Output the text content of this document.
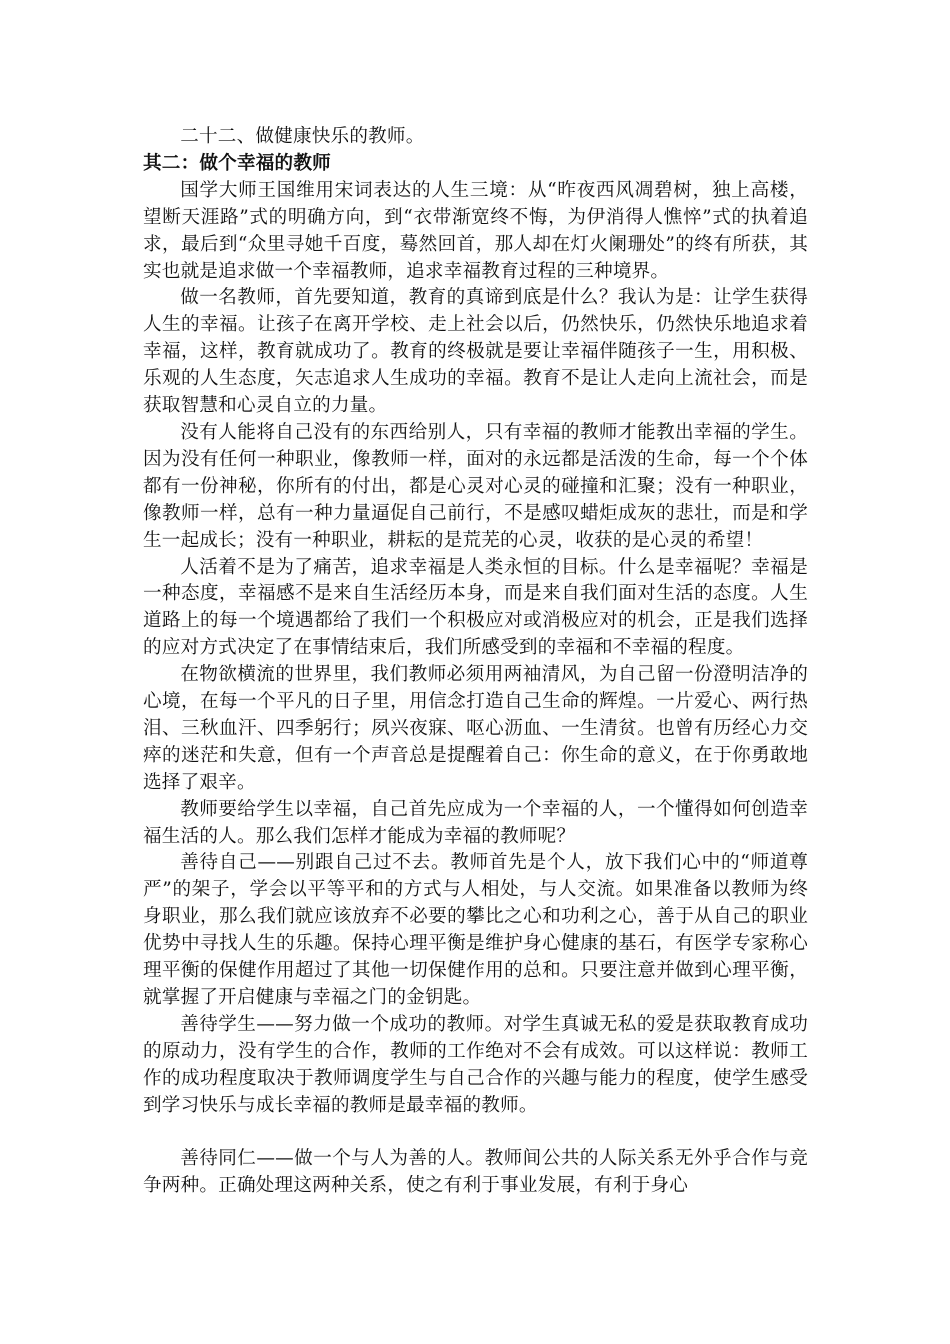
二十二、做健康快乐的教师。

其二：做个幸福的教师

国学大师王国维用宋词表达的人生三境：从“昨夜西风凋碧树，独上高楼，望断天涯路”式的明确方向，到“衣带渐宽终不悔，为伊消得人憔悴”式的执着追求，最后到“众里寻她千百度，蓦然回首，那人却在灯火阑珊处”的终有所获，其实也就是追求做一个幸福教师，追求幸福教育过程的三种境界。

做一名教师，首先要知道，教育的真谛到底是什么？我认为是：让学生获得人生的幸福。让孩子在离开学校、走上社会以后，仍然快乐，仍然快乐地追求着幸福，这样，教育就成功了。教育的终极就是要让幸福伴随孩子一生，用积极、乐观的人生态度，矢志追求人生成功的幸福。教育不是让人走向上流社会，而是获取智慧和心灵自立的力量。

没有人能将自己没有的东西给别人，只有幸福的教师才能教出幸福的学生。因为没有任何一种职业，像教师一样，面对的永远都是活泼的生命，每一个个体都有一份神秘，你所有的付出，都是心灵对心灵的碰撞和汇聚；没有一种职业，像教师一样，总有一种力量逼促自己前行，不是感叹蜡炬成灰的悲壮，而是和学生一起成长；没有一种职业，耕耘的是荒芜的心灵，收获的是心灵的希望！

人活着不是为了痛苦，追求幸福是人类永恒的目标。什么是幸福呢？幸福是一种态度，幸福感不是来自生活经历本身，而是来自我们面对生活的态度。人生道路上的每一个境遇都给了我们一个积极应对或消极应对的机会，正是我们选择的应对方式决定了在事情结束后，我们所感受到的幸福和不幸福的程度。

在物欲横流的世界里，我们教师必须用两袖清风，为自己留一份澄明洁净的心境，在每一个平凡的日子里，用信念打造自己生命的辉煌。一片爱心、两行热泪、三秋血汗、四季躬行；夙兴夜寐、呕心沥血、一生清贫。也曾有历经心力交瘁的迷茫和失意，但有一个声音总是提醒着自己：你生命的意义，在于你勇敢地选择了艰辛。

教师要给学生以幸福，自己首先应成为一个幸福的人，一个懂得如何创造幸福生活的人。那么我们怎样才能成为幸福的教师呢？

善待自己——别跟自己过不去。教师首先是个人，放下我们心中的“师道尊严”的架子，学会以平等平和的方式与人相处，与人交流。如果准备以教师为终身职业，那么我们就应该放弃不必要的攀比之心和功利之心，善于从自己的职业优势中寻找人生的乐趣。保持心理平衡是维护身心健康的基石，有医学专家称心理平衡的保健作用超过了其他一切保健作用的总和。只要注意并做到心理平衡，就掌握了开启健康与幸福之门的金钥匙。

善待学生——努力做一个成功的教师。对学生真诚无私的爱是获取教育成功的原动力，没有学生的合作，教师的工作绝对不会有成效。可以这样说：教师工作的成功程度取决于教师调度学生与自己合作的兴趣与能力的程度，使学生感受到学习快乐与成长幸福的教师是最幸福的教师。

善待同仁——做一个与人为善的人。教师间公共的人际关系无外乎合作与竞争两种。正确处理这两种关系，使之有利于事业发展，有利于身心
